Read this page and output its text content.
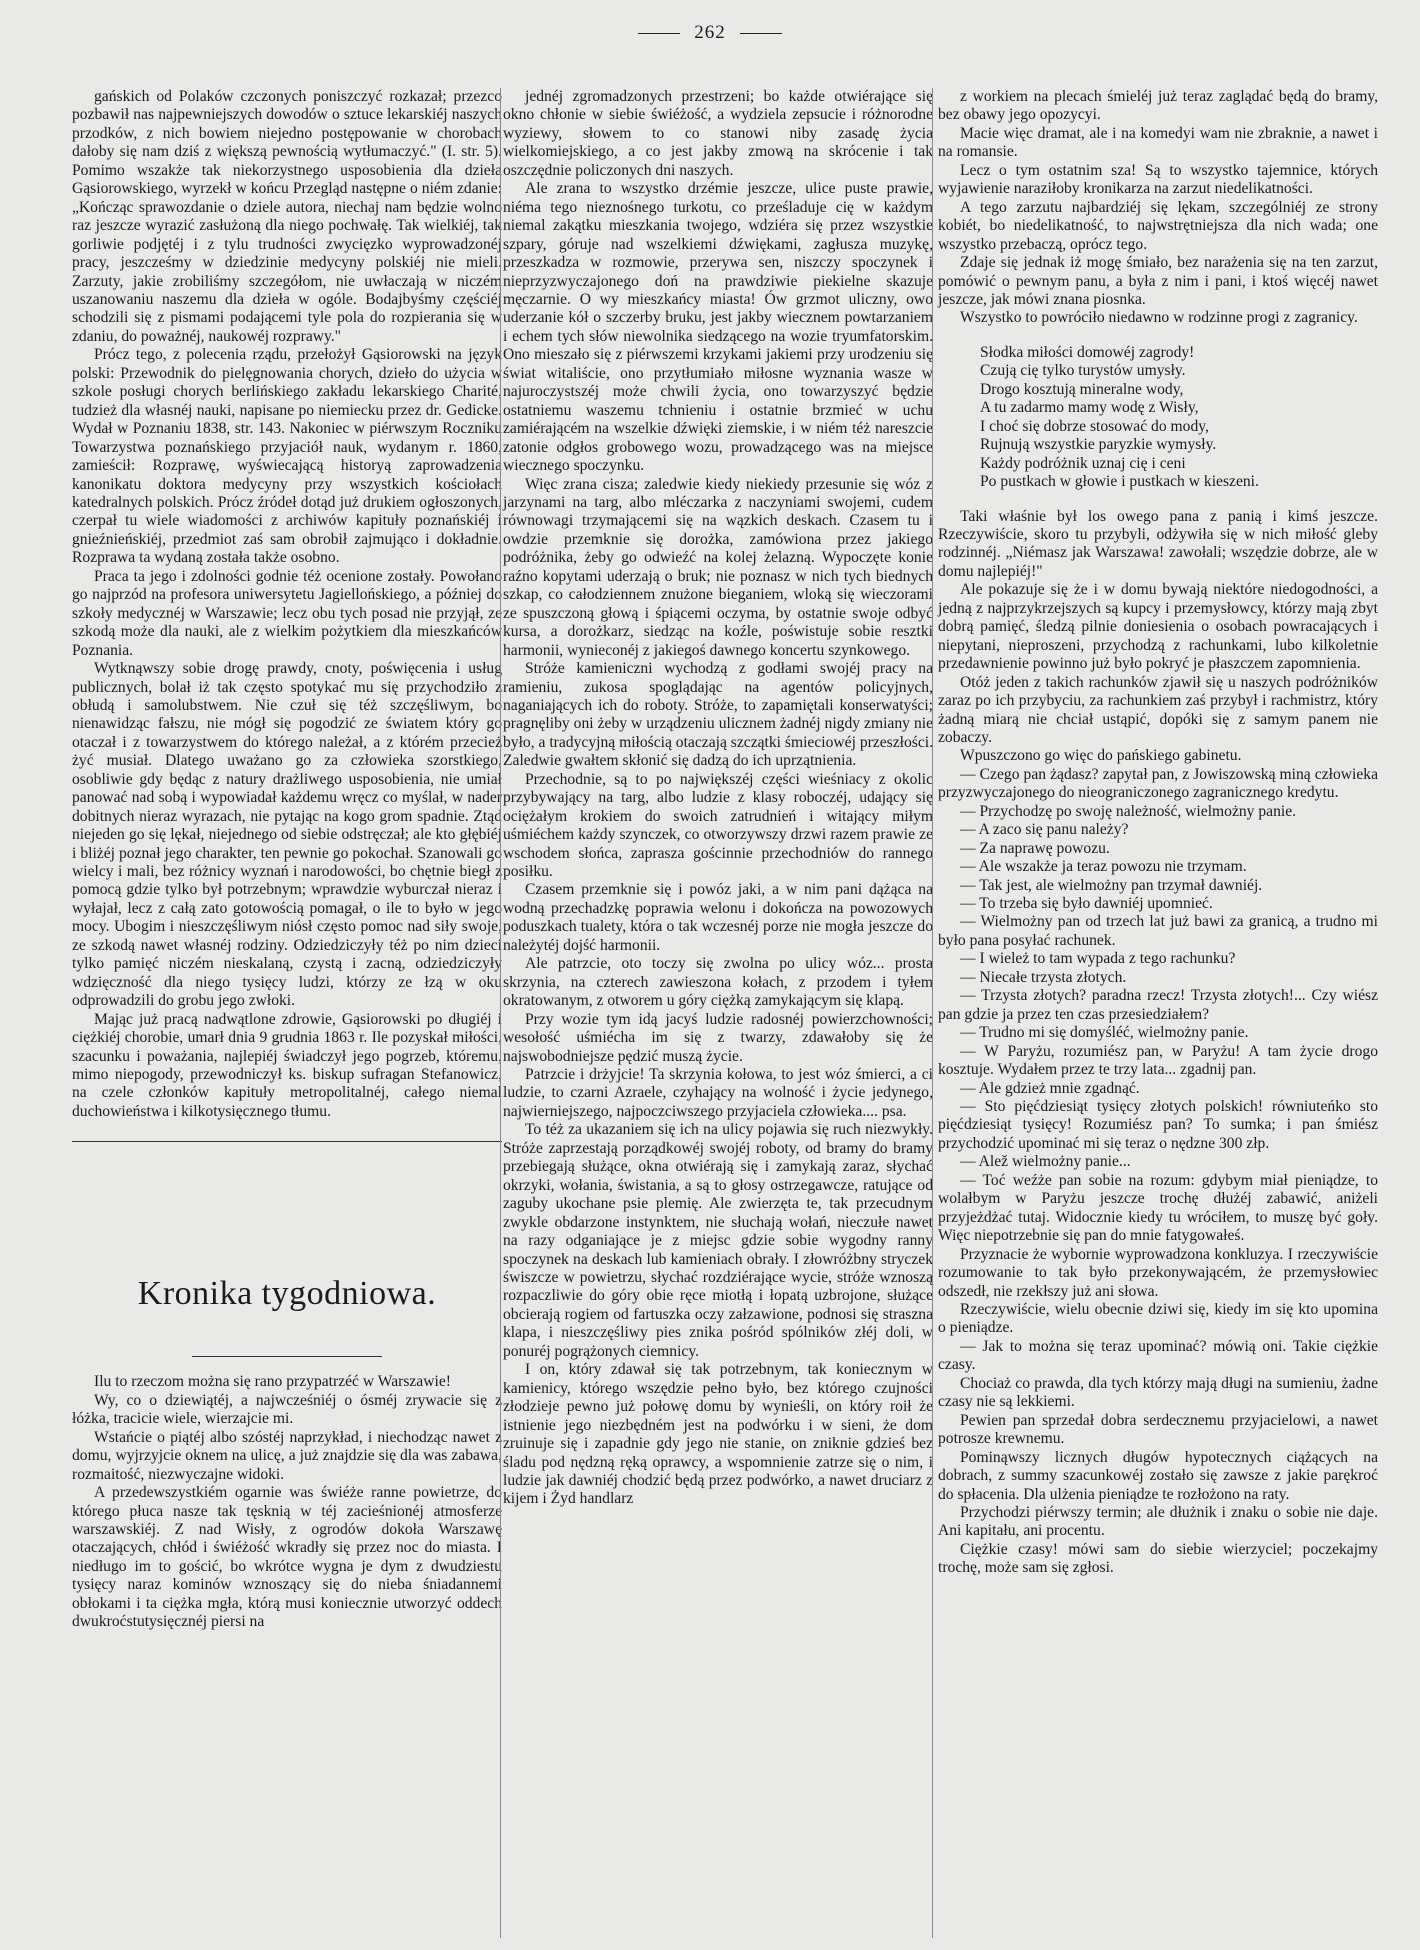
262

gańskich od Polaków czczonych poniszczyć rozkazał; przezco pozbawił nas najpewniejszych dowodów o sztuce lekarskiéj naszych przodków, z nich bowiem niejedno postępowanie w chorobach dałoby się nam dziś z większą pewnością wytłumaczyć." (I. str. 5). Pomimo wszakże tak niekorzystnego usposobienia dla dzieła Gąsiorowskiego, wyrzekł w końcu Przegląd następne o niém zdanie: „Kończąc sprawozdanie o dziele autora, niechaj nam będzie wolno raz jeszcze wyrazić zasłużoną dla niego pochwałę. Tak wielkiéj, tak gorliwie podjętéj i z tylu trudności zwycięzko wyprowadzonéj pracy, jeszcześmy w dziedzinie medycyny polskiéj nie mieli. Zarzuty, jakie zrobiliśmy szczegółom, nie uwłaczają w niczém uszanowaniu naszemu dla dzieła w ogóle. Bodajbyśmy częściéj schodzili się z pismami podającemi tyle pola do rozpierania się w zdaniu, do poważnéj, naukowéj rozprawy."

Prócz tego, z polecenia rządu, przełożył Gąsiorowski na język polski: Przewodnik do pielęgnowania chorych, dzieło do użycia w szkole posługi chorych berlińskiego zakładu lekarskiego Charité, tudzież dla własnéj nauki, napisane po niemiecku przez dr. Gedicke. Wydał w Poznaniu 1838, str. 143. Nakoniec w piérwszym Roczniku Towarzystwa poznańskiego przyjaciół nauk, wydanym r. 1860, zamieścił: Rozprawę, wyświecającą historyą zaprowadzenia kanonikatu doktora medycyny przy wszystkich kościołach katedralnych polskich. Prócz źródeł dotąd już drukiem ogłoszonych, czerpał tu wiele wiadomości z archiwów kapituły poznańskiéj i gnieźnieńskiéj, przedmiot zaś sam obrobił zajmująco i dokładnie. Rozprawa ta wydaną została także osobno.

Praca ta jego i zdolności godnie téż ocenione zostały. Powołano go najprzód na profesora uniwersytetu Jagiellońskiego, a później do szkoły medycznéj w Warszawie; lecz obu tych posad nie przyjął, ze szkodą może dla nauki, ale z wielkim pożytkiem dla mieszkańców Poznania.

Wytknąwszy sobie drogę prawdy, cnoty, poświęcenia i usług publicznych, bolał iż tak często spotykać mu się przychodziło z obłudą i samolubstwem. Nie czuł się téż szczęśliwym, bo nienawidząc fałszu, nie mógł się pogodzić ze światem który go otaczał i z towarzystwem do którego należał, a z którém przecież żyć musiał. Dlatego uważano go za człowieka szorstkiego, osobliwie gdy będąc z natury drażliwego usposobienia, nie umiał panować nad sobą i wypowiadał każdemu wręcz co myślał, w nader dobitnych nieraz wyrazach, nie pytając na kogo grom spadnie. Ztąd niejeden go się lękał, niejednego od siebie odstręczał; ale kto głębiéj i bliżéj poznał jego charakter, ten pewnie go pokochał. Szanowali go wielcy i mali, bez różnicy wyznań i narodowości, bo chętnie biegł z pomocą gdzie tylko był potrzebnym; wprawdzie wyburczał nieraz i wyłajał, lecz z całą zato gotowością pomagał, o ile to było w jego mocy. Ubogim i nieszczęśliwym niósł często pomoc nad siły swoje, ze szkodą nawet własnéj rodziny. Odziedziczyły téż po nim dzieci tylko pamięć niczém nieskalaną, czystą i zacną, odziedziczyły wdzięczność dla niego tysięcy ludzi, którzy ze łzą w oku odprowadzili do grobu jego zwłoki.

Mając już pracą nadwątlone zdrowie, Gąsiorowski po długiéj i ciężkiéj chorobie, umarł dnia 9 grudnia 1863 r. Ile pozyskał miłości, szacunku i poważania, najlepiéj świadczył jego pogrzeb, któremu, mimo niepogody, przewodniczył ks. biskup sufragan Stefanowicz, na czele członków kapituły metropolitalnéj, całego niemal duchowieństwa i kilkotysięcznego tłumu.

Kronika tygodniowa.

Ilu to rzeczom można się rano przypatrzéć w Warszawie!

Wy, co o dziewiątéj, a najwcześniéj o ósméj zrywacie się z łóżka, tracicie wiele, wierzajcie mi.

Wstańcie o piątéj albo szóstéj naprzykład, i niechodząc nawet z domu, wyjrzyjcie oknem na ulicę, a już znajdzie się dla was zabawa, rozmaitość, niezwyczajne widoki.

A przedewszystkiém ogarnie was świéże ranne powietrze, do którego płuca nasze tak tęsknią w téj zacieśnionéj atmosferze warszawskiéj. Z nad Wisły, z ogrodów dokoła Warszawę otaczających, chłód i świéżość wkradły się przez noc do miasta. I niedługo im to gościć, bo wkrótce wygna je dym z dwudziestu tysięcy naraz kominów wznoszący się do nieba śniadannemi obłokami i ta ciężka mgła, którą musi koniecznie utworzyć oddech dwukroćstutysięcznéj piersi na

jednéj zgromadzonych przestrzeni; bo każde otwiérające się okno chłonie w siebie świéżość, a wydziela zepsucie i różnorodne wyziewy, słowem to co stanowi niby zasadę życia wielkomiejskiego, a co jest jakby zmową na skrócenie i tak oszczędnie policzonych dni naszych.

Ale zrana to wszystko drzémie jeszcze, ulice puste prawie, niéma tego nieznośnego turkotu, co prześladuje cię w każdym niemal zakątku mieszkania twojego, wdziéra się przez wszystkie szpary, góruje nad wszelkiemi dźwiękami, zagłusza muzykę, przeszkadza w rozmowie, przerywa sen, niszczy spoczynek i nieprzyzwyczajonego doń na prawdziwie piekielne skazuje męczarnie. O wy mieszkańcy miasta! Ów grzmot uliczny, owo uderzanie kół o szczerby bruku, jest jakby wiecznem powtarzaniem i echem tych słów niewolnika siedzącego na wozie tryumfatorskim. Ono mieszało się z piérwszemi krzykami jakiemi przy urodzeniu się świat witaliście, ono przytłumiało miłosne wyznania wasze w najuroczystszéj może chwili życia, ono towarzyszyć będzie ostatniemu waszemu tchnieniu i ostatnie brzmieć w uchu zamiérającém na wszelkie dźwięki ziemskie, i w niém téż nareszcie zatonie odgłos grobowego wozu, prowadzącego was na miejsce wiecznego spoczynku.

Więc zrana cisza; zaledwie kiedy niekiedy przesunie się wóz z jarzynami na targ, albo mléczarka z naczyniami swojemi, cudem równowagi trzymającemi się na wązkich deskach. Czasem tu i owdzie przemknie się dorożka, zamówiona przez jakiego podróżnika, żeby go odwieźć na kolej żelazną. Wypoczęte konie raźno kopytami uderzają o bruk; nie poznasz w nich tych biednych szkap, co całodziennem znużone bieganiem, wloką się wieczorami ze spuszczoną głową i śpiącemi oczyma, by ostatnie swoje odbyć kursa, a dorożkarz, siedząc na koźle, poświstuje sobie resztki harmonii, wynieconéj z jakiegoś dawnego koncertu szynkowego.

Stróże kamieniczni wychodzą z godłami swojéj pracy na ramieniu, zukosa spoglądając na agentów policyjnych, naganiających ich do roboty. Stróże, to zapamiętali konserwatyści; pragnęliby oni żeby w urządzeniu ulicznem żadnéj nigdy zmiany nie było, a tradycyjną miłością otaczają szczątki śmieciowéj przeszłości. Zaledwie gwałtem skłonić się dadzą do ich uprzątnienia.

Przechodnie, są to po największéj części wieśniacy z okolic przybywający na targ, albo ludzie z klasy roboczéj, udający się ociężałym krokiem do swoich zatrudnień i witający miłym uśmiéchem każdy szynczek, co otworzywszy drzwi razem prawie ze wschodem słońca, zaprasza gościnnie przechodniów do rannego posiłku.

Czasem przemknie się i powóz jaki, a w nim pani dążąca na wodną przechadzkę poprawia welonu i dokończa na powozowych poduszkach tualety, która o tak wczesnéj porze nie mogła jeszcze do należytéj dojść harmonii.

Ale patrzcie, oto toczy się zwolna po ulicy wóz... prosta skrzynia, na czterech zawieszona kołach, z przodem i tyłem okratowanym, z otworem u góry ciężką zamykającym się klapą.

Przy wozie tym idą jacyś ludzie radosnéj powierzchowności; wesołość uśmiécha im się z twarzy, zdawałoby się że najswobodniejsze pędzić muszą życie.

Patrzcie i drżyjcie! Ta skrzynia kołowa, to jest wóz śmierci, a ci ludzie, to czarni Azraele, czyhający na wolność i życie jedynego, najwierniejszego, najpoczciwszego przyjaciela człowieka.... psa.

To téż za ukazaniem się ich na ulicy pojawia się ruch niezwykły. Stróże zaprzestają porządkowéj swojéj roboty, od bramy do bramy przebiegają służące, okna otwiérają się i zamykają zaraz, słychać okrzyki, wołania, świstania, a są to głosy ostrzegawcze, ratujące od zaguby ukochane psie plemię. Ale zwierzęta te, tak przecudnym zwykle obdarzone instynktem, nie słuchają wołań, nieczułe nawet na razy odganiające je z miejsc gdzie sobie wygodny ranny spoczynek na deskach lub kamieniach obrały. I złowróżbny stryczek świszcze w powietrzu, słychać rozdziérające wycie, stróże wznoszą rozpaczliwie do góry obie ręce miotłą i łopatą uzbrojone, służące obcierają rogiem od fartuszka oczy załzawione, podnosi się straszna klapa, i nieszczęśliwy pies znika pośród spólników złéj doli, w ponuréj pogrążonych ciemnicy.

I on, który zdawał się tak potrzebnym, tak koniecznym w kamienicy, którego wszędzie pełno było, bez którego czujności złodzieje pewno już połowę domu by wynieśli, on który roił że istnienie jego niezbędném jest na podwórku i w sieni, że dom zruinuje się i zapadnie gdy jego nie stanie, on zniknie gdzieś bez śladu pod nędzną ręką oprawcy, a wspomnienie zatrze się o nim, i ludzie jak dawniéj chodzić będą przez podwórko, a nawet druciarz z kijem i Żyd handlarz

z workiem na plecach śmieléj już teraz zaglądać będą do bramy, bez obawy jego opozycyi.

Macie więc dramat, ale i na komedyi wam nie zbraknie, a nawet i na romansie.

Lecz o tym ostatnim sza! Są to wszystko tajemnice, których wyjawienie naraziłoby kronikarza na zarzut niedelikatności.

A tego zarzutu najbardziéj się lękam, szczególniéj ze strony kobiét, bo niedelikatność, to najwstrętniejsza dla nich wada; one wszystko przebaczą, oprócz tego.

Zdaje się jednak iż mogę śmiało, bez narażenia się na ten zarzut, pomówić o pewnym panu, a była z nim i pani, i ktoś więcéj nawet jeszcze, jak mówi znana piosnka.

Wszystko to powróciło niedawno w rodzinne progi z zagranicy.

Słodka miłości domowéj zagrody!
Czują cię tylko turystów umysły.
Drogo kosztują mineralne wody,
A tu zadarmo mamy wodę z Wisły,
I choć się dobrze stosować do mody,
Rujnują wszystkie paryzkie wymysły.
Każdy podróżnik uznaj cię i ceni
Po pustkach w głowie i pustkach w kieszeni.

Taki właśnie był los owego pana z panią i kimś jeszcze. Rzeczywiście, skoro tu przybyli, odżywiła się w nich miłość gleby rodzinnéj. „Niémasz jak Warszawa! zawołali; wszędzie dobrze, ale w domu najlepiéj!"

Ale pokazuje się że i w domu bywają niektóre niedogodności, a jedną z najprzykrzejszych są kupcy i przemysłowcy, którzy mają zbyt dobrą pamięć, śledzą pilnie doniesienia o osobach powracających i niepytani, nieproszeni, przychodzą z rachunkami, lubo kilkoletnie przedawnienie powinno już było pokryć je płaszczem zapomnienia.

Otóż jeden z takich rachunków zjawił się u naszych podróżników zaraz po ich przybyciu, za rachunkiem zaś przybył i rachmistrz, który żadną miarą nie chciał ustąpić, dopóki się z samym panem nie zobaczy.

Wpuszczono go więc do pańskiego gabinetu.

— Czego pan żądasz? zapytał pan, z Jowiszowską miną człowieka przyzwyczajonego do nieograniczonego zagranicznego kredytu.

— Przychodzę po swoję należność, wielmożny panie.

— A zaco się panu należy?

— Za naprawę powozu.

— Ale wszakże ja teraz powozu nie trzymam.

— Tak jest, ale wielmożny pan trzymał dawniéj.

— To trzeba się było dawniéj upomnieć.

— Wielmożny pan od trzech lat już bawi za granicą, a trudno mi było pana posyłać rachunek.

— I wieleż to tam wypada z tego rachunku?

— Niecałe trzysta złotych.

— Trzysta złotych? paradna rzecz! Trzysta złotych!... Czy wiész pan gdzie ja przez ten czas przesiedziałem?

— Trudno mi się domyśléć, wielmożny panie.

— W Paryżu, rozumiész pan, w Paryżu! A tam życie drogo kosztuje. Wydałem przez te trzy lata... zgadnij pan.

— Ale gdzież mnie zgadnąć.

— Sto pięćdziesiąt tysięcy złotych polskich! równiuteńko sto pięćdziesiąt tysięcy! Rozumiész pan? To sumka; i pan śmiész przychodzić upominać mi się teraz o nędzne 300 złp.

— Alež wielmożny panie...

— Toć weźże pan sobie na rozum: gdybym miał pieniądze, to wolałbym w Paryżu jeszcze trochę dłużéj zabawić, aniżeli przyjeżdżać tutaj. Widocznie kiedy tu wróciłem, to muszę być goły. Więc niepotrzebnie się pan do mnie fatygowałeś.

Przyznacie że wybornie wyprowadzona konkluzya. I rzeczywiście rozumowanie to tak było przekonywającém, że przemysłowiec odszedł, nie rzekłszy już ani słowa.

Rzeczywiście, wielu obecnie dziwi się, kiedy im się kto upomina o pieniądze.

— Jak to można się teraz upominać? mówią oni. Takie ciężkie czasy.

Chociaż co prawda, dla tych którzy mają długi na sumieniu, żadne czasy nie są lekkiemi.

Pewien pan sprzedał dobra serdecznemu przyjacielowi, a nawet potrosze krewnemu.

Pominąwszy licznych długów hypotecznych ciążących na dobrach, z summy szacunkowéj zostało się zawsze z jakie parękroć do spłacenia. Dla ulżenia pieniądze te rozłożono na raty.

Przychodzi piérwszy termin; ale dłużnik i znaku o sobie nie daje. Ani kapitału, ani procentu.

Ciężkie czasy! mówi sam do siebie wierzyciel; poczekajmy trochę, może sam się zgłosi.
